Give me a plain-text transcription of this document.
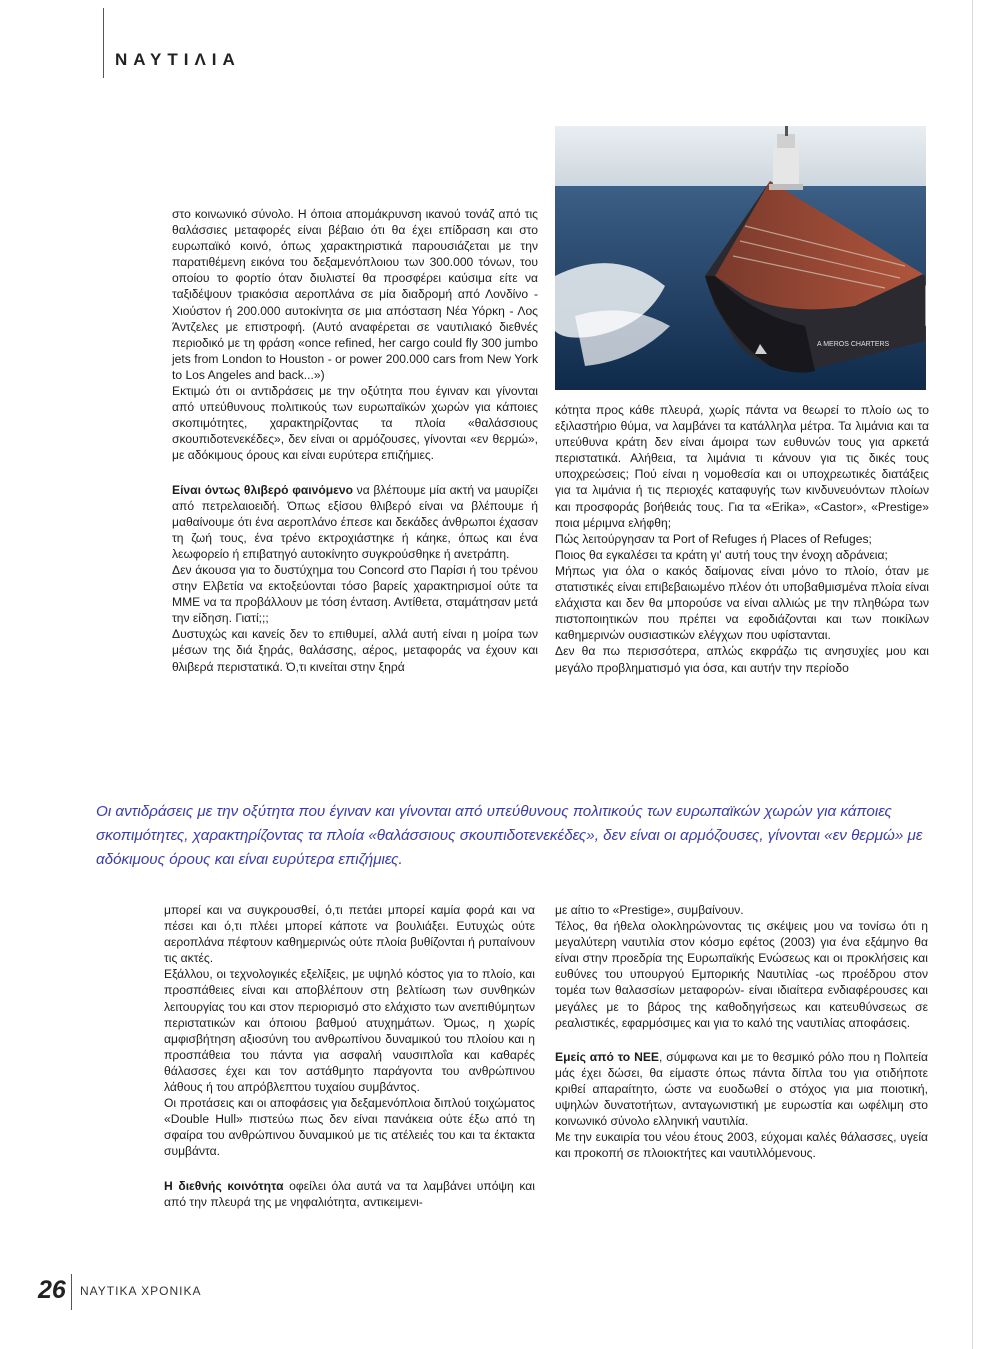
ΝΑΥΤΙΛΙΑ
A MEROS CHARTERS

στο κοινωνικό σύνολο. Η όποια απομάκρυνση ικανού τονάζ από τις θαλάσσιες μεταφορές είναι βέβαιο ότι θα έχει επίδραση και στο ευρωπαϊκό κοινό, όπως χαρακτηριστικά παρουσιάζεται με την παρατιθέμενη εικόνα του δεξαμενόπλοιου των 300.000 τόνων, του οποίου το φορτίο όταν διυλιστεί θα προσφέρει καύσιμα είτε να ταξιδέψουν τριακόσια αεροπλάνα σε μία διαδρομή από Λονδίνο - Χιούστον ή 200.000 αυτοκίνητα σε μια απόσταση Νέα Υόρκη - Λος Άντζελες με επιστροφή. (Αυτό αναφέρεται σε ναυτιλιακό διεθνές περιοδικό με τη φράση «once refined, her cargo could fly 300 jumbo jets from London to Houston - or power 200.000 cars from New York to Los Angeles and back...»)

Εκτιμώ ότι οι αντιδράσεις με την οξύτητα που έγιναν και γίνονται από υπεύθυνους πολιτικούς των ευρωπαϊκών χωρών για κάποιες σκοπιμότητες, χαρακτηρίζοντας τα πλοία «θαλάσσιους σκουπιδοτενεκέδες», δεν είναι οι αρμόζουσες, γίνονται «εν θερμώ», με αδόκιμους όρους και είναι ευρύτερα επιζήμιες.

Είναι όντως θλιβερό φαινόμενο να βλέπουμε μία ακτή να μαυρίζει από πετρελαιοειδή. Όπως εξίσου θλιβερό είναι να βλέπουμε ή μαθαίνουμε ότι ένα αεροπλάνο έπεσε και δεκάδες άνθρωποι έχασαν τη ζωή τους, ένα τρένο εκτροχιάστηκε ή κάηκε, όπως και ένα λεωφορείο ή επιβατηγό αυτοκίνητο συγκρούσθηκε ή ανετράπη.

Δεν άκουσα για το δυστύχημα του Concord στο Παρίσι ή του τρένου στην Ελβετία να εκτοξεύονται τόσο βαρείς χαρακτηρισμοί ούτε τα ΜΜΕ να τα προβάλλουν με τόση ένταση. Αντίθετα, σταμάτησαν μετά την είδηση. Γιατί;;;

Δυστυχώς και κανείς δεν το επιθυμεί, αλλά αυτή είναι η μοίρα των μέσων της διά ξηράς, θαλάσσης, αέρος, μεταφοράς να έχουν και θλιβερά περιστατικά. Ό,τι κινείται στην ξηρά

κότητα προς κάθε πλευρά, χωρίς πάντα να θεωρεί το πλοίο ως το εξιλαστήριο θύμα, να λαμβάνει τα κατάλληλα μέτρα. Τα λιμάνια και τα υπεύθυνα κράτη δεν είναι άμοιρα των ευθυνών τους για αρκετά περιστατικά. Αλήθεια, τα λιμάνια τι κάνουν για τις δικές τους υποχρεώσεις; Πού είναι η νομοθεσία και οι υποχρεωτικές διατάξεις για τα λιμάνια ή τις περιοχές καταφυγής των κινδυνευόντων πλοίων και προσφοράς βοήθειάς τους. Για τα «Erika», «Castor», «Prestige» ποια μέριμνα ελήφθη;

Πώς λειτούργησαν τα Port of Refuges ή Places of Refuges;

Ποιος θα εγκαλέσει τα κράτη γι' αυτή τους την ένοχη αδράνεια;

Μήπως για όλα ο κακός δαίμονας είναι μόνο το πλοίο, όταν με στατιστικές είναι επιβεβαιωμένο πλέον ότι υποβαθμισμένα πλοία είναι ελάχιστα και δεν θα μπορούσε να είναι αλλιώς με την πληθώρα των πιστοποιητικών που πρέπει να εφοδιάζονται και των ποικίλων καθημερινών ουσιαστικών ελέγχων που υφίστανται.

Δεν θα πω περισσότερα, απλώς εκφράζω τις ανησυχίες μου και μεγάλο προβληματισμό για όσα, και αυτήν την περίοδο

Οι αντιδράσεις με την οξύτητα που έγιναν και γίνονται από υπεύθυνους πολιτικούς των ευρωπαϊκών χωρών για κάποιες σκοπιμότητες, χαρακτηρίζοντας τα πλοία «θαλάσσιους σκουπιδοτενεκέδες», δεν είναι οι αρμόζουσες, γίνονται «εν θερμώ» με αδόκιμους όρους και είναι ευρύτερα επιζήμιες.

μπορεί και να συγκρουσθεί, ό,τι πετάει μπορεί καμία φορά και να πέσει και ό,τι πλέει μπορεί κάποτε να βουλιάξει. Ευτυχώς ούτε αεροπλάνα πέφτουν καθημερινώς ούτε πλοία βυθίζονται ή ρυπαίνουν τις ακτές.

Εξάλλου, οι τεχνολογικές εξελίξεις, με υψηλό κόστος για το πλοίο, και προσπάθειες είναι και αποβλέπουν στη βελτίωση των συνθηκών λειτουργίας του και στον περιορισμό στο ελάχιστο των ανεπιθύμητων περιστατικών και όποιου βαθμού ατυχημάτων. Όμως, η χωρίς αμφισβήτηση αξιοσύνη του ανθρωπίνου δυναμικού του πλοίου και η προσπάθεια του πάντα για ασφαλή ναυσιπλοΐα και καθαρές θάλασσες έχει και τον αστάθμητο παράγοντα του ανθρώπινου λάθους ή του απρόβλεπτου τυχαίου συμβάντος.

Οι προτάσεις και οι αποφάσεις για δεξαμενόπλοια διπλού τοιχώματος «Double Hull» πιστεύω πως δεν είναι πανάκεια ούτε έξω από τη σφαίρα του ανθρώπινου δυναμικού με τις ατέλειές του και τα έκτακτα συμβάντα.

Η διεθνής κοινότητα οφείλει όλα αυτά να τα λαμβάνει υπόψη και από την πλευρά της με νηφαλιότητα, αντικειμενι-

με αίτιο το «Prestige», συμβαίνουν.

Τέλος, θα ήθελα ολοκληρώνοντας τις σκέψεις μου να τονίσω ότι η μεγαλύτερη ναυτιλία στον κόσμο εφέτος (2003) για ένα εξάμηνο θα είναι στην προεδρία της Ευρωπαϊκής Ενώσεως και οι προκλήσεις και ευθύνες του υπουργού Εμπορικής Ναυτιλίας -ως προέδρου στον τομέα των θαλασσίων μεταφορών- είναι ιδιαίτερα ενδιαφέρουσες και μεγάλες με το βάρος της καθοδηγήσεως και κατευθύνσεως σε ρεαλιστικές, εφαρμόσιμες και για το καλό της ναυτιλίας αποφάσεις.

Εμείς από το ΝΕΕ, σύμφωνα και με το θεσμικό ρόλο που η Πολιτεία μάς έχει δώσει, θα είμαστε όπως πάντα δίπλα του για οτιδήποτε κριθεί απαραίτητο, ώστε να ευοδωθεί ο στόχος για μια ποιοτική, υψηλών δυνατοτήτων, ανταγωνιστική με ευρωστία και ωφέλιμη στο κοινωνικό σύνολο ελληνική ναυτιλία.

Με την ευκαιρία του νέου έτους 2003, εύχομαι καλές θάλασσες, υγεία και προκοπή σε πλοιοκτήτες και ναυτιλλόμενους.

26 ΝΑΥΤΙΚΑ ΧΡΟΝΙΚΑ
